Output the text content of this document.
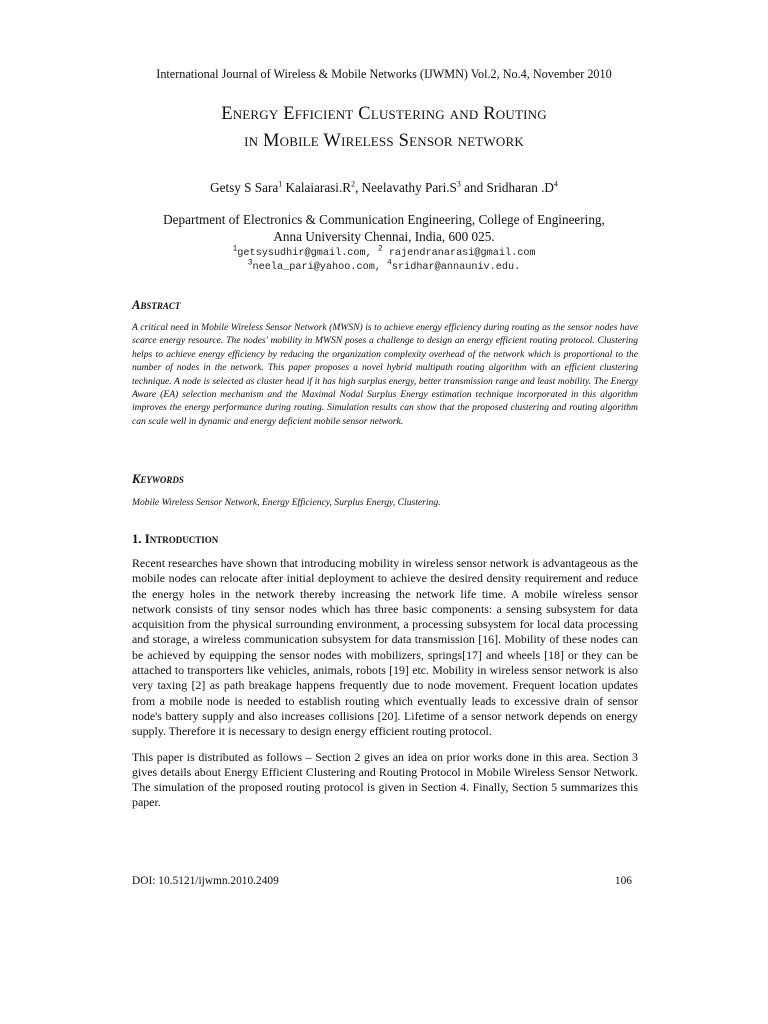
International Journal of Wireless & Mobile Networks (IJWMN) Vol.2, No.4, November 2010
Energy Efficient Clustering and Routing
in Mobile Wireless Sensor network
Getsy S Sara$^1$ $Kalaiarasi.R^2$, Neelavathy $Pari.S^3$ and Sridharan $.D^4$
Department of Electronics & Communication Engineering, College of Engineering,
Anna University Chennai, India, 600 025.
$^1$getsysudhir@gmail.com, $^2$ rajendranarasi@gmail.com
$^3$neela_pari@yahoo.com, $^4$sridhar@annauniv.edu.
Abstract
A critical need in Mobile Wireless Sensor Network (MWSN) is to achieve energy efficiency during routing as the sensor nodes have scarce energy resource. The nodes' mobility in MWSN poses a challenge to design an energy efficient routing protocol. Clustering helps to achieve energy efficiency by reducing the organization complexity overhead of the network which is proportional to the number of nodes in the network. This paper proposes a novel hybrid multipath routing algorithm with an efficient clustering technique. A node is selected as cluster head if it has high surplus energy, better transmission range and least mobility. The Energy Aware (EA) selection mechanism and the Maximal Nodal Surplus Energy estimation technique incorporated in this algorithm improves the energy performance during routing. Simulation results can show that the proposed clustering and routing algorithm can scale well in dynamic and energy deficient mobile sensor network.
Keywords
Mobile Wireless Sensor Network, Energy Efficiency, Surplus Energy, Clustering.
1. Introduction

Recent researches have shown that introducing mobility in wireless sensor network is advantageous as the mobile nodes can relocate after initial deployment to achieve the desired density requirement and reduce the energy holes in the network thereby increasing the network life time. A mobile wireless sensor network consists of tiny sensor nodes which has three basic components: a sensing subsystem for data acquisition from the physical surrounding environment, a processing subsystem for local data processing and storage, a wireless communication subsystem for data transmission [16]. Mobility of these nodes can be achieved by equipping the sensor nodes with mobilizers, springs[17] and wheels [18] or they can be attached to transporters like vehicles, animals, robots [19] etc. Mobility in wireless sensor network is also very taxing [2] as path breakage happens frequently due to node movement. Frequent location updates from a mobile node is needed to establish routing which eventually leads to excessive drain of sensor node's battery supply and also increases collisions [20]. Lifetime of a sensor network depends on energy supply. Therefore it is necessary to design energy efficient routing protocol.

This paper is distributed as follows – Section 2 gives an idea on prior works done in this area. Section 3 gives details about Energy Efficient Clustering and Routing Protocol in Mobile Wireless Sensor Network. The simulation of the proposed routing protocol is given in Section 4. Finally, Section 5 summarizes this paper.

DOI: 10.5121/ijwmn.2010.2409	106
